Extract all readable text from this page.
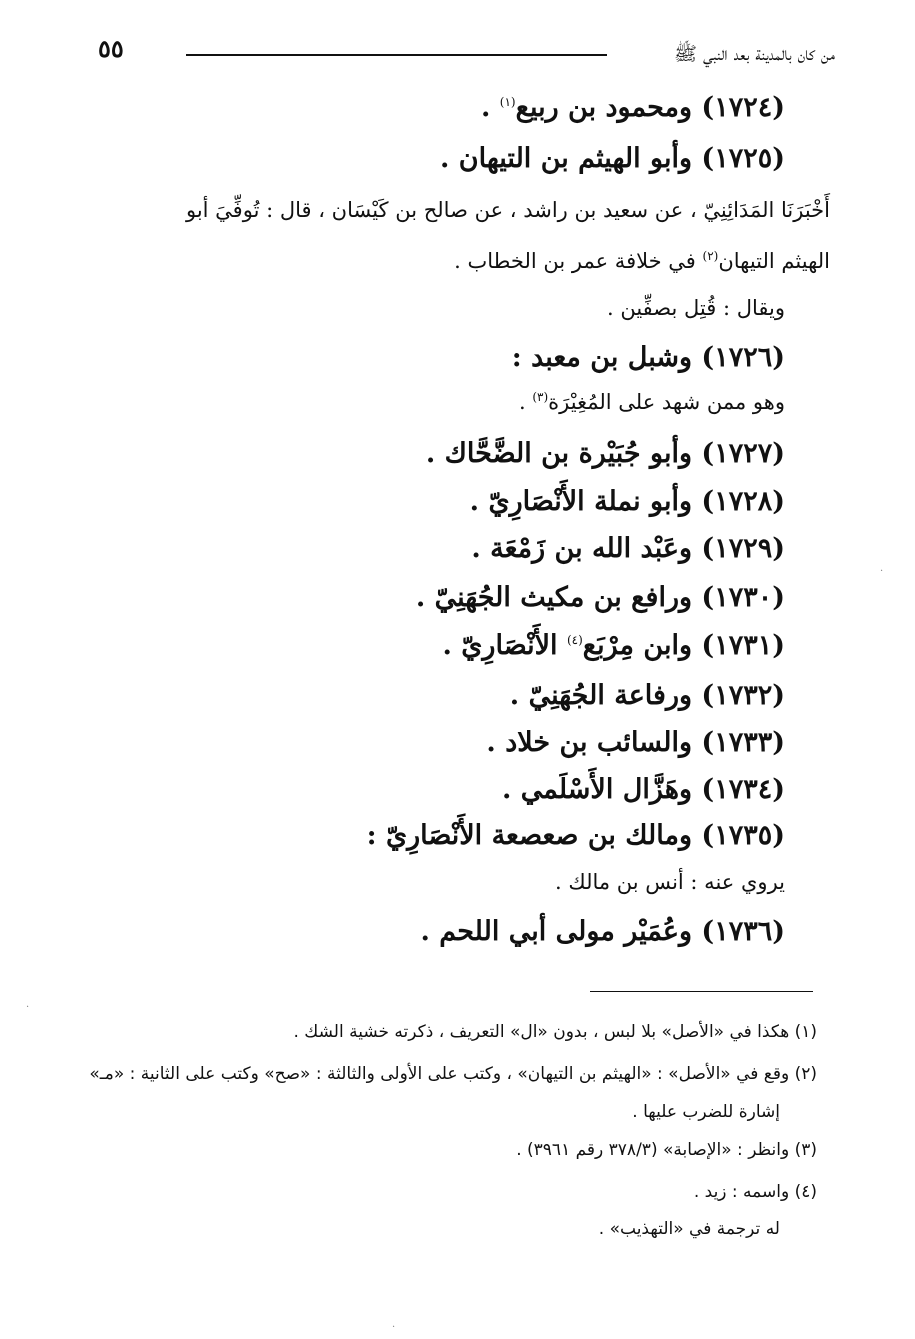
٥٥	من كان بالمدينة بعد النبي ﷺ
(١٧٢٤) ومحمود بن ربيع$^{(١)}$ .
(١٧٢٥) وأبو الهيثم بن التيهان .
أَخْبَرَنَا المَدَائِنِيّ ، عن سعيد بن راشد ، عن صالح بن كَيْسَان ، قال : تُوفِّيَ أبو
الهيثم التيهان$^{(٢)}$ في خلافة عمر بن الخطاب .
ويقال : قُتِل بصفِّين .
(١٧٢٦) وشبل بن معبد :
وهو ممن شهد على المُغِيْرَة$^{(٣)}$ .
(١٧٢٧) وأبو جُبَيْرة بن الضَّحَّاك .
(١٧٢٨) وأبو نملة الأَنْصَارِيّ .
(١٧٢٩) وعَبْد الله بن زَمْعَة .
(١٧٣٠) ورافع بن مكيث الجُهَنِيّ .
(١٧٣١) وابن مِرْبَع$^{(٤)}$ الأَنْصَارِيّ .
(١٧٣٢) ورفاعة الجُهَنِيّ .
(١٧٣٣) والسائب بن خلاد .
(١٧٣٤) وهَزَّال الأَسْلَمي .
(١٧٣٥) ومالك بن صعصعة الأَنْصَارِيّ :
يروي عنه : أنس بن مالك .
(١٧٣٦) وعُمَيْر مولى أبي اللحم .
(١) هكذا في «الأصل» بلا لبس ، بدون «ال» التعريف ، ذكرته خشية الشك .
(٢) وقع في «الأصل» : «الهيثم بن التيهان» ، وكتب على الأولى والثالثة : «صح» وكتب على الثانية : «مـ»
إشارة للضرب عليها .
(٣) وانظر : «الإصابة» (٣٧٨/٣ رقم ٣٩٦١) .
(٤) واسمه : زيد .
له ترجمة في «التهذيب» .
·
·
·
